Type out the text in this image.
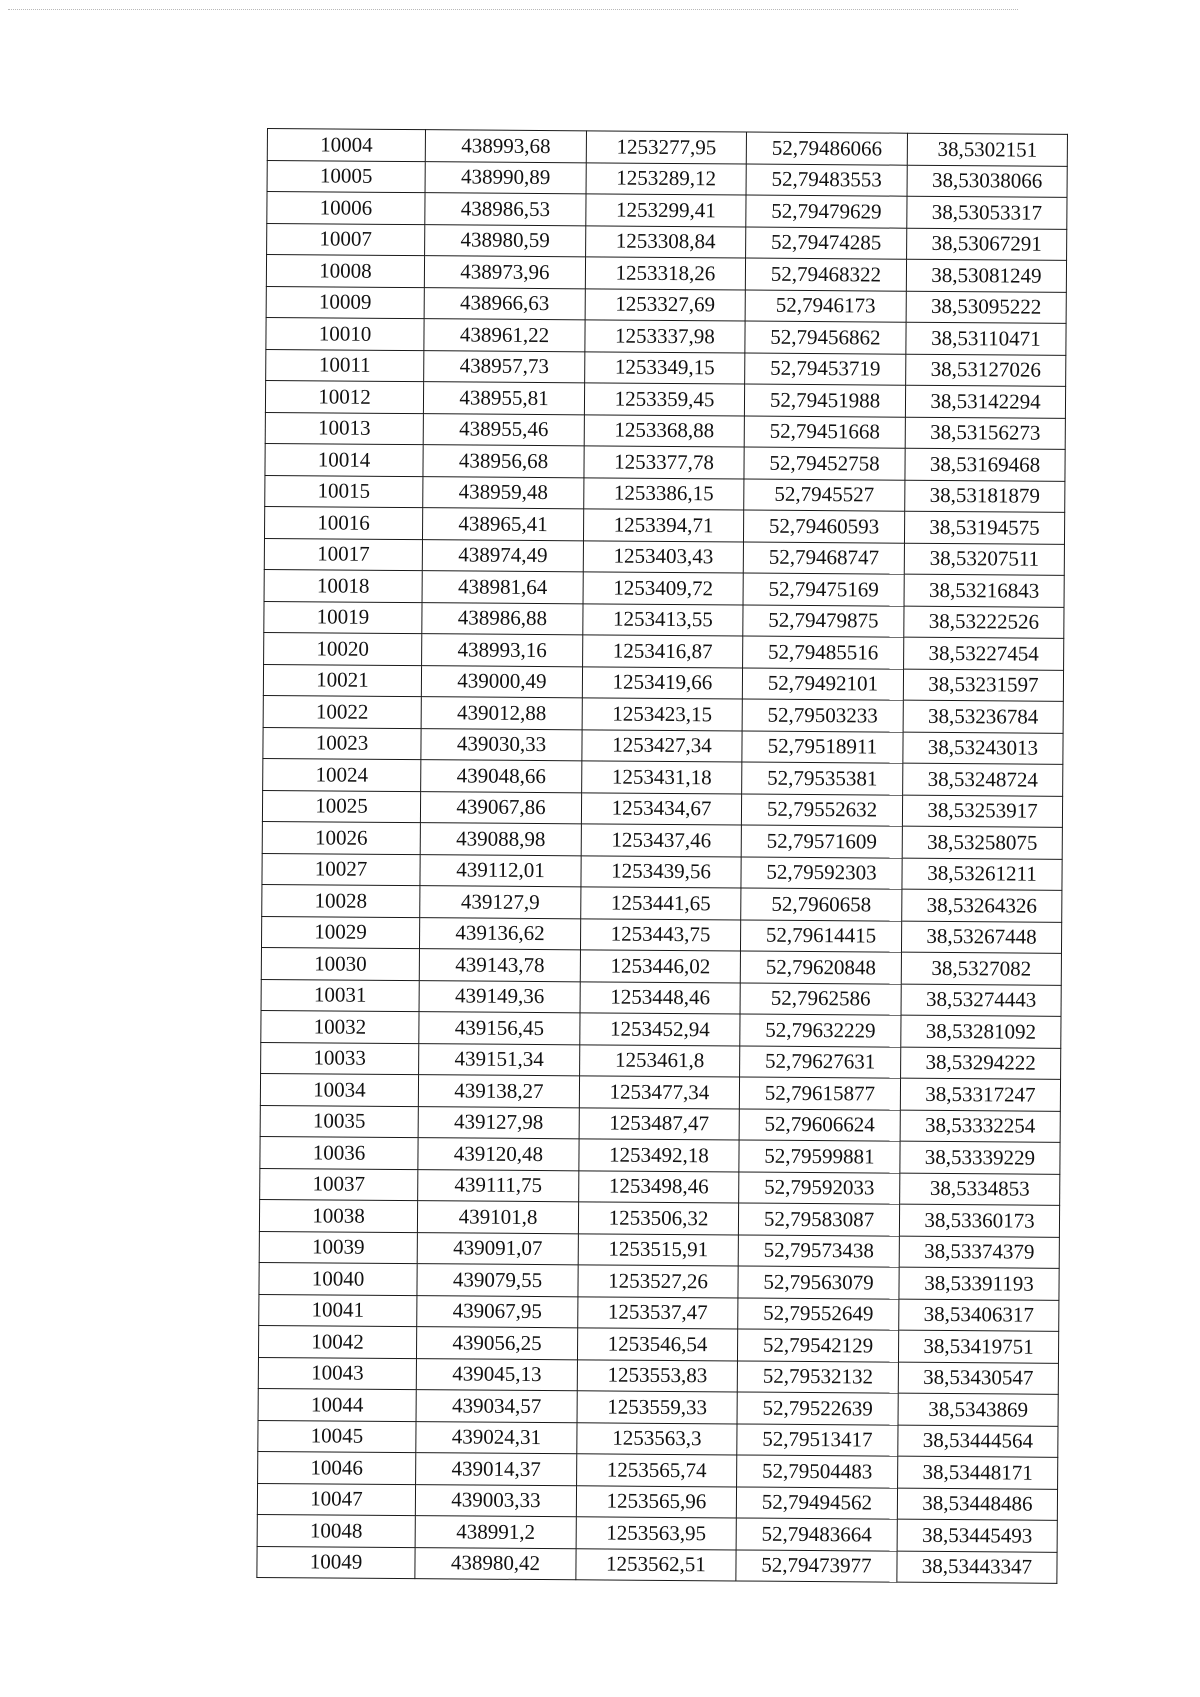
10004	438993,68	1253277,95	52,79486066	38,5302151
10005	438990,89	1253289,12	52,79483553	38,53038066
10006	438986,53	1253299,41	52,79479629	38,53053317
10007	438980,59	1253308,84	52,79474285	38,53067291
10008	438973,96	1253318,26	52,79468322	38,53081249
10009	438966,63	1253327,69	52,7946173	38,53095222
10010	438961,22	1253337,98	52,79456862	38,53110471
10011	438957,73	1253349,15	52,79453719	38,53127026
10012	438955,81	1253359,45	52,79451988	38,53142294
10013	438955,46	1253368,88	52,79451668	38,53156273
10014	438956,68	1253377,78	52,79452758	38,53169468
10015	438959,48	1253386,15	52,7945527	38,53181879
10016	438965,41	1253394,71	52,79460593	38,53194575
10017	438974,49	1253403,43	52,79468747	38,53207511
10018	438981,64	1253409,72	52,79475169	38,53216843
10019	438986,88	1253413,55	52,79479875	38,53222526
10020	438993,16	1253416,87	52,79485516	38,53227454
10021	439000,49	1253419,66	52,79492101	38,53231597
10022	439012,88	1253423,15	52,79503233	38,53236784
10023	439030,33	1253427,34	52,79518911	38,53243013
10024	439048,66	1253431,18	52,79535381	38,53248724
10025	439067,86	1253434,67	52,79552632	38,53253917
10026	439088,98	1253437,46	52,79571609	38,53258075
10027	439112,01	1253439,56	52,79592303	38,53261211
10028	439127,9	1253441,65	52,7960658	38,53264326
10029	439136,62	1253443,75	52,79614415	38,53267448
10030	439143,78	1253446,02	52,79620848	38,5327082
10031	439149,36	1253448,46	52,7962586	38,53274443
10032	439156,45	1253452,94	52,79632229	38,53281092
10033	439151,34	1253461,8	52,79627631	38,53294222
10034	439138,27	1253477,34	52,79615877	38,53317247
10035	439127,98	1253487,47	52,79606624	38,53332254
10036	439120,48	1253492,18	52,79599881	38,53339229
10037	439111,75	1253498,46	52,79592033	38,5334853
10038	439101,8	1253506,32	52,79583087	38,53360173
10039	439091,07	1253515,91	52,79573438	38,53374379
10040	439079,55	1253527,26	52,79563079	38,53391193
10041	439067,95	1253537,47	52,79552649	38,53406317
10042	439056,25	1253546,54	52,79542129	38,53419751
10043	439045,13	1253553,83	52,79532132	38,53430547
10044	439034,57	1253559,33	52,79522639	38,5343869
10045	439024,31	1253563,3	52,79513417	38,53444564
10046	439014,37	1253565,74	52,79504483	38,53448171
10047	439003,33	1253565,96	52,79494562	38,53448486
10048	438991,2	1253563,95	52,79483664	38,53445493
10049	438980,42	1253562,51	52,79473977	38,53443347
